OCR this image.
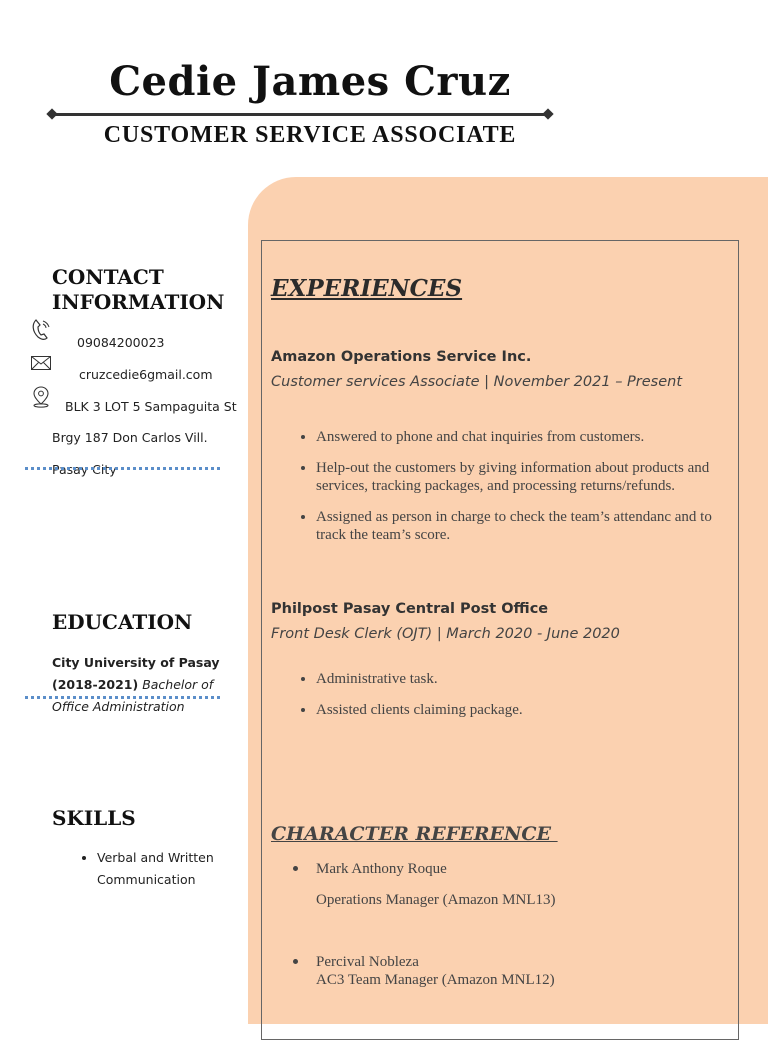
Cedie James Cruz
CUSTOMER SERVICE ASSOCIATE
CONTACT INFORMATION
09084200023
cruzcedie6gmail.com
BLK 3 LOT 5 Sampaguita St
Brgy 187 Don Carlos Vill.
Pasay City
EDUCATION
City University of Pasay (2018-2021) Bachelor of Office Administration
SKILLS
• Verbal and Written Communication
EXPERIENCES
Amazon Operations Service Inc.
Customer services Associate | November 2021 – Present
• Answered to phone and chat inquiries from customers.
• Help-out the customers by giving information about products and services, tracking packages, and processing returns/refunds.
• Assigned as person in charge to check the team’s attendanc and to track the team’s score.
Philpost Pasay Central Post Office
Front Desk Clerk (OJT) | March 2020 - June 2020
• Administrative task.
• Assisted clients claiming package.
CHARACTER REFERENCE
Mark Anthony Roque
Operations Manager (Amazon MNL13)
Percival Nobleza
AC3 Team Manager (Amazon MNL12)
